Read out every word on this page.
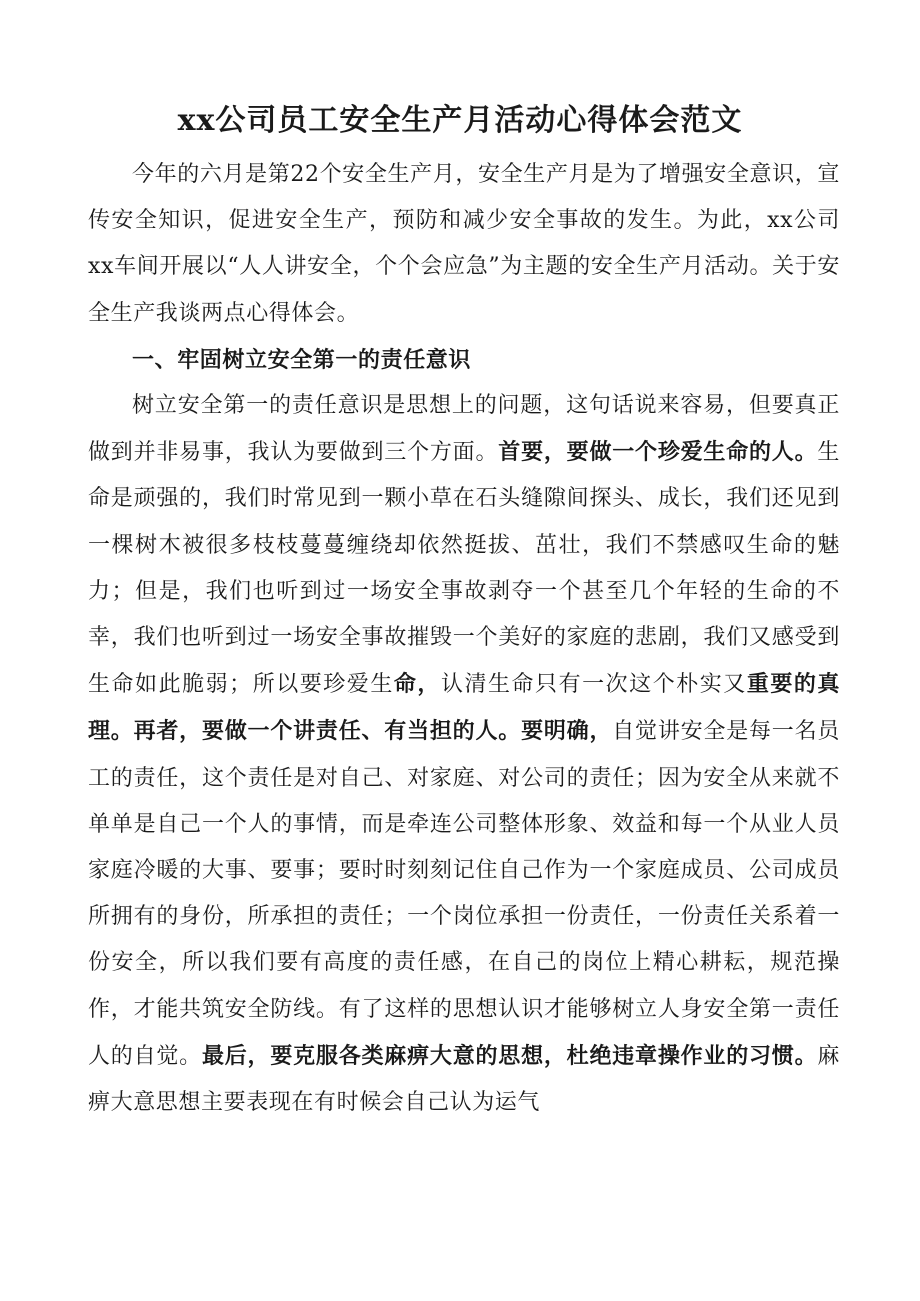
xx公司员工安全生产月活动心得体会范文

今年的六月是第22个安全生产月，安全生产月是为了增强安全意识，宣传安全知识，促进安全生产，预防和减少安全事故的发生。为此，xx公司xx车间开展以“人人讲安全，个个会应急”为主题的安全生产月活动。关于安全生产我谈两点心得体会。

一、牢固树立安全第一的责任意识

树立安全第一的责任意识是思想上的问题，这句话说来容易，但要真正做到并非易事，我认为要做到三个方面。首要，要做一个珍爱生命的人。生命是顽强的，我们时常见到一颗小草在石头缝隙间探头、成长，我们还见到一棵树木被很多枝枝蔓蔓缠绕却依然挺拔、茁壮，我们不禁感叹生命的魅力；但是，我们也听到过一场安全事故剥夺一个甚至几个年轻的生命的不幸，我们也听到过一场安全事故摧毁一个美好的家庭的悲剧，我们又感受到生命如此脆弱；所以要珍爱生命，认清生命只有一次这个朴实又重要的真理。再者，要做一个讲责任、有当担的人。要明确，自觉讲安全是每一名员工的责任，这个责任是对自己、对家庭、对公司的责任；因为安全从来就不单单是自己一个人的事情，而是牵连公司整体形象、效益和每一个从业人员家庭冷暖的大事、要事；要时时刻刻记住自己作为一个家庭成员、公司成员所拥有的身份，所承担的责任；一个岗位承担一份责任，一份责任关系着一份安全，所以我们要有高度的责任感，在自己的岗位上精心耕耘，规范操作，才能共筑安全防线。有了这样的思想认识才能够树立人身安全第一责任人的自觉。最后，要克服各类麻痹大意的思想，杜绝违章操作业的习惯。麻痹大意思想主要表现在有时候会自己认为运气
